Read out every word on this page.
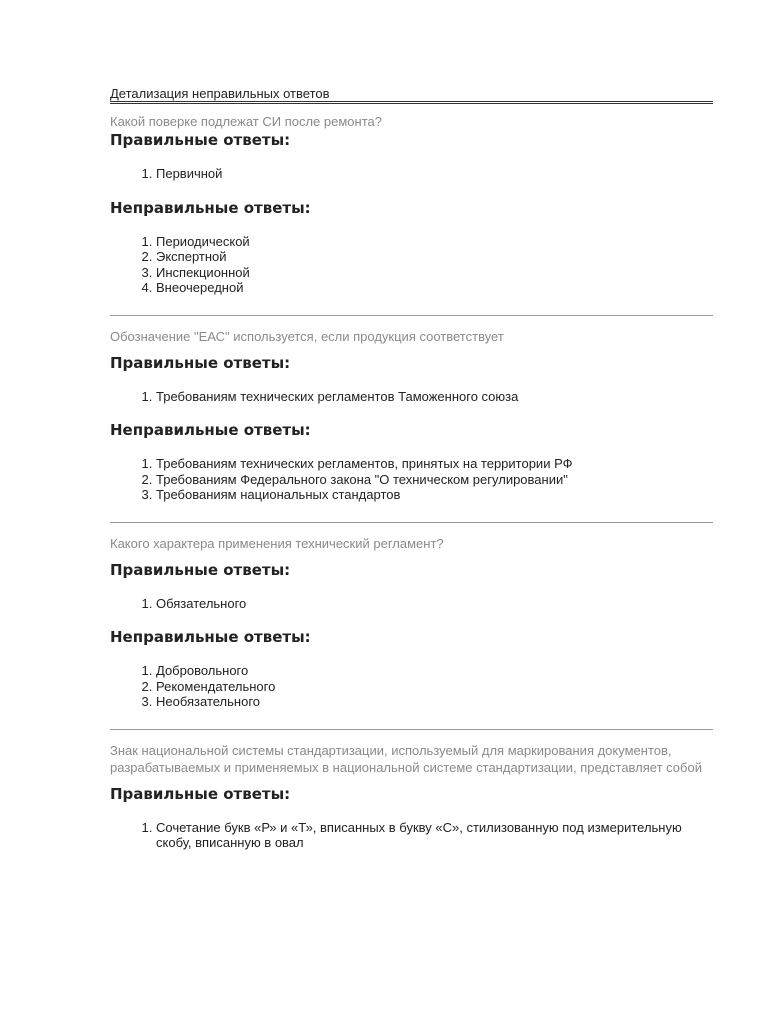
Детализация неправильных ответов

Какой поверке подлежат СИ после ремонта?

Правильные ответы:

1. Первичной

Неправильные ответы:

1. Периодической
2. Экспертной
3. Инспекционной
4. Внеочередной

Обозначение "ЕАС" используется, если продукция соответствует

Правильные ответы:

1. Требованиям технических регламентов Таможенного союза

Неправильные ответы:

1. Требованиям технических регламентов, принятых на территории РФ
2. Требованиям Федерального закона "О техническом регулировании"
3. Требованиям национальных стандартов

Какого характера применения технический регламент?

Правильные ответы:

1. Обязательного

Неправильные ответы:

1. Добровольного
2. Рекомендательного
3. Необязательного

Знак национальной системы стандартизации, используемый для маркирования документов, разрабатываемых и применяемых в национальной системе стандартизации, представляет собой

Правильные ответы:

1. Сочетание букв «Р» и «Т», вписанных в букву «С», стилизованную под измерительную скобу, вписанную в овал
